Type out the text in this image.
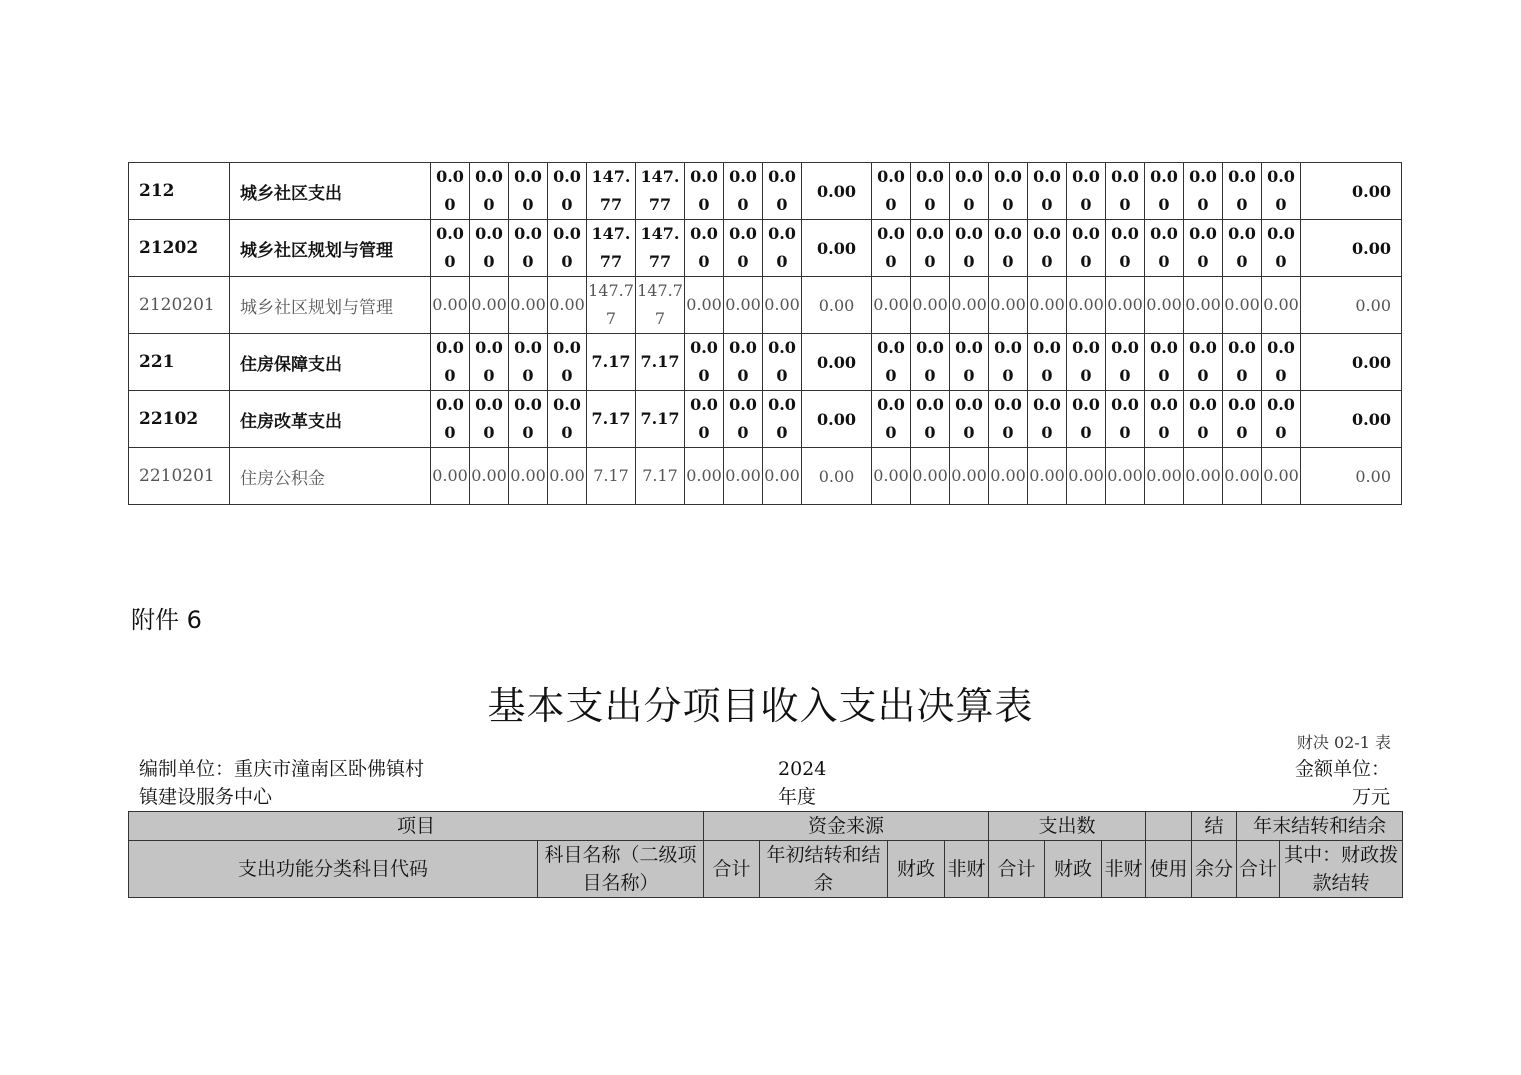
212	城乡社区支出	0.00	0.00	0.00	0.00	147.77	147.77	0.00	0.00	0.00	0.00	0.00	0.00	0.00	0.00	0.00	0.00	0.00	0.00	0.00	0.00	0.00	0.00
21202	城乡社区规划与管理	0.00	0.00	0.00	0.00	147.77	147.77	0.00	0.00	0.00	0.00	0.00	0.00	0.00	0.00	0.00	0.00	0.00	0.00	0.00	0.00	0.00	0.00
2120201	城乡社区规划与管理	0.00	0.00	0.00	0.00	147.77	147.77	0.00	0.00	0.00	0.00	0.00	0.00	0.00	0.00	0.00	0.00	0.00	0.00	0.00	0.00	0.00	0.00
221	住房保障支出	0.00	0.00	0.00	0.00	7.17	7.17	0.00	0.00	0.00	0.00	0.00	0.00	0.00	0.00	0.00	0.00	0.00	0.00	0.00	0.00	0.00	0.00
22102	住房改革支出	0.00	0.00	0.00	0.00	7.17	7.17	0.00	0.00	0.00	0.00	0.00	0.00	0.00	0.00	0.00	0.00	0.00	0.00	0.00	0.00	0.00	0.00
2210201	住房公积金	0.00	0.00	0.00	0.00	7.17	7.17	0.00	0.00	0.00	0.00	0.00	0.00	0.00	0.00	0.00	0.00	0.00	0.00	0.00	0.00	0.00	0.00
附件 6
基本支出分项目收入支出决算表
财决 02-1 表
编制单位：重庆市潼南区卧佛镇村
镇建设服务中心
2024
年度
金额单位：
万元
项目		资金来源				支出数				结	年末结转和结余	
支出功能分类科目代码	科目名称（二级项目名称）	合计	年初结转和结余	财政	非财	合计	财政	非财	使用	余分	合计	其中：财政拨款结转
